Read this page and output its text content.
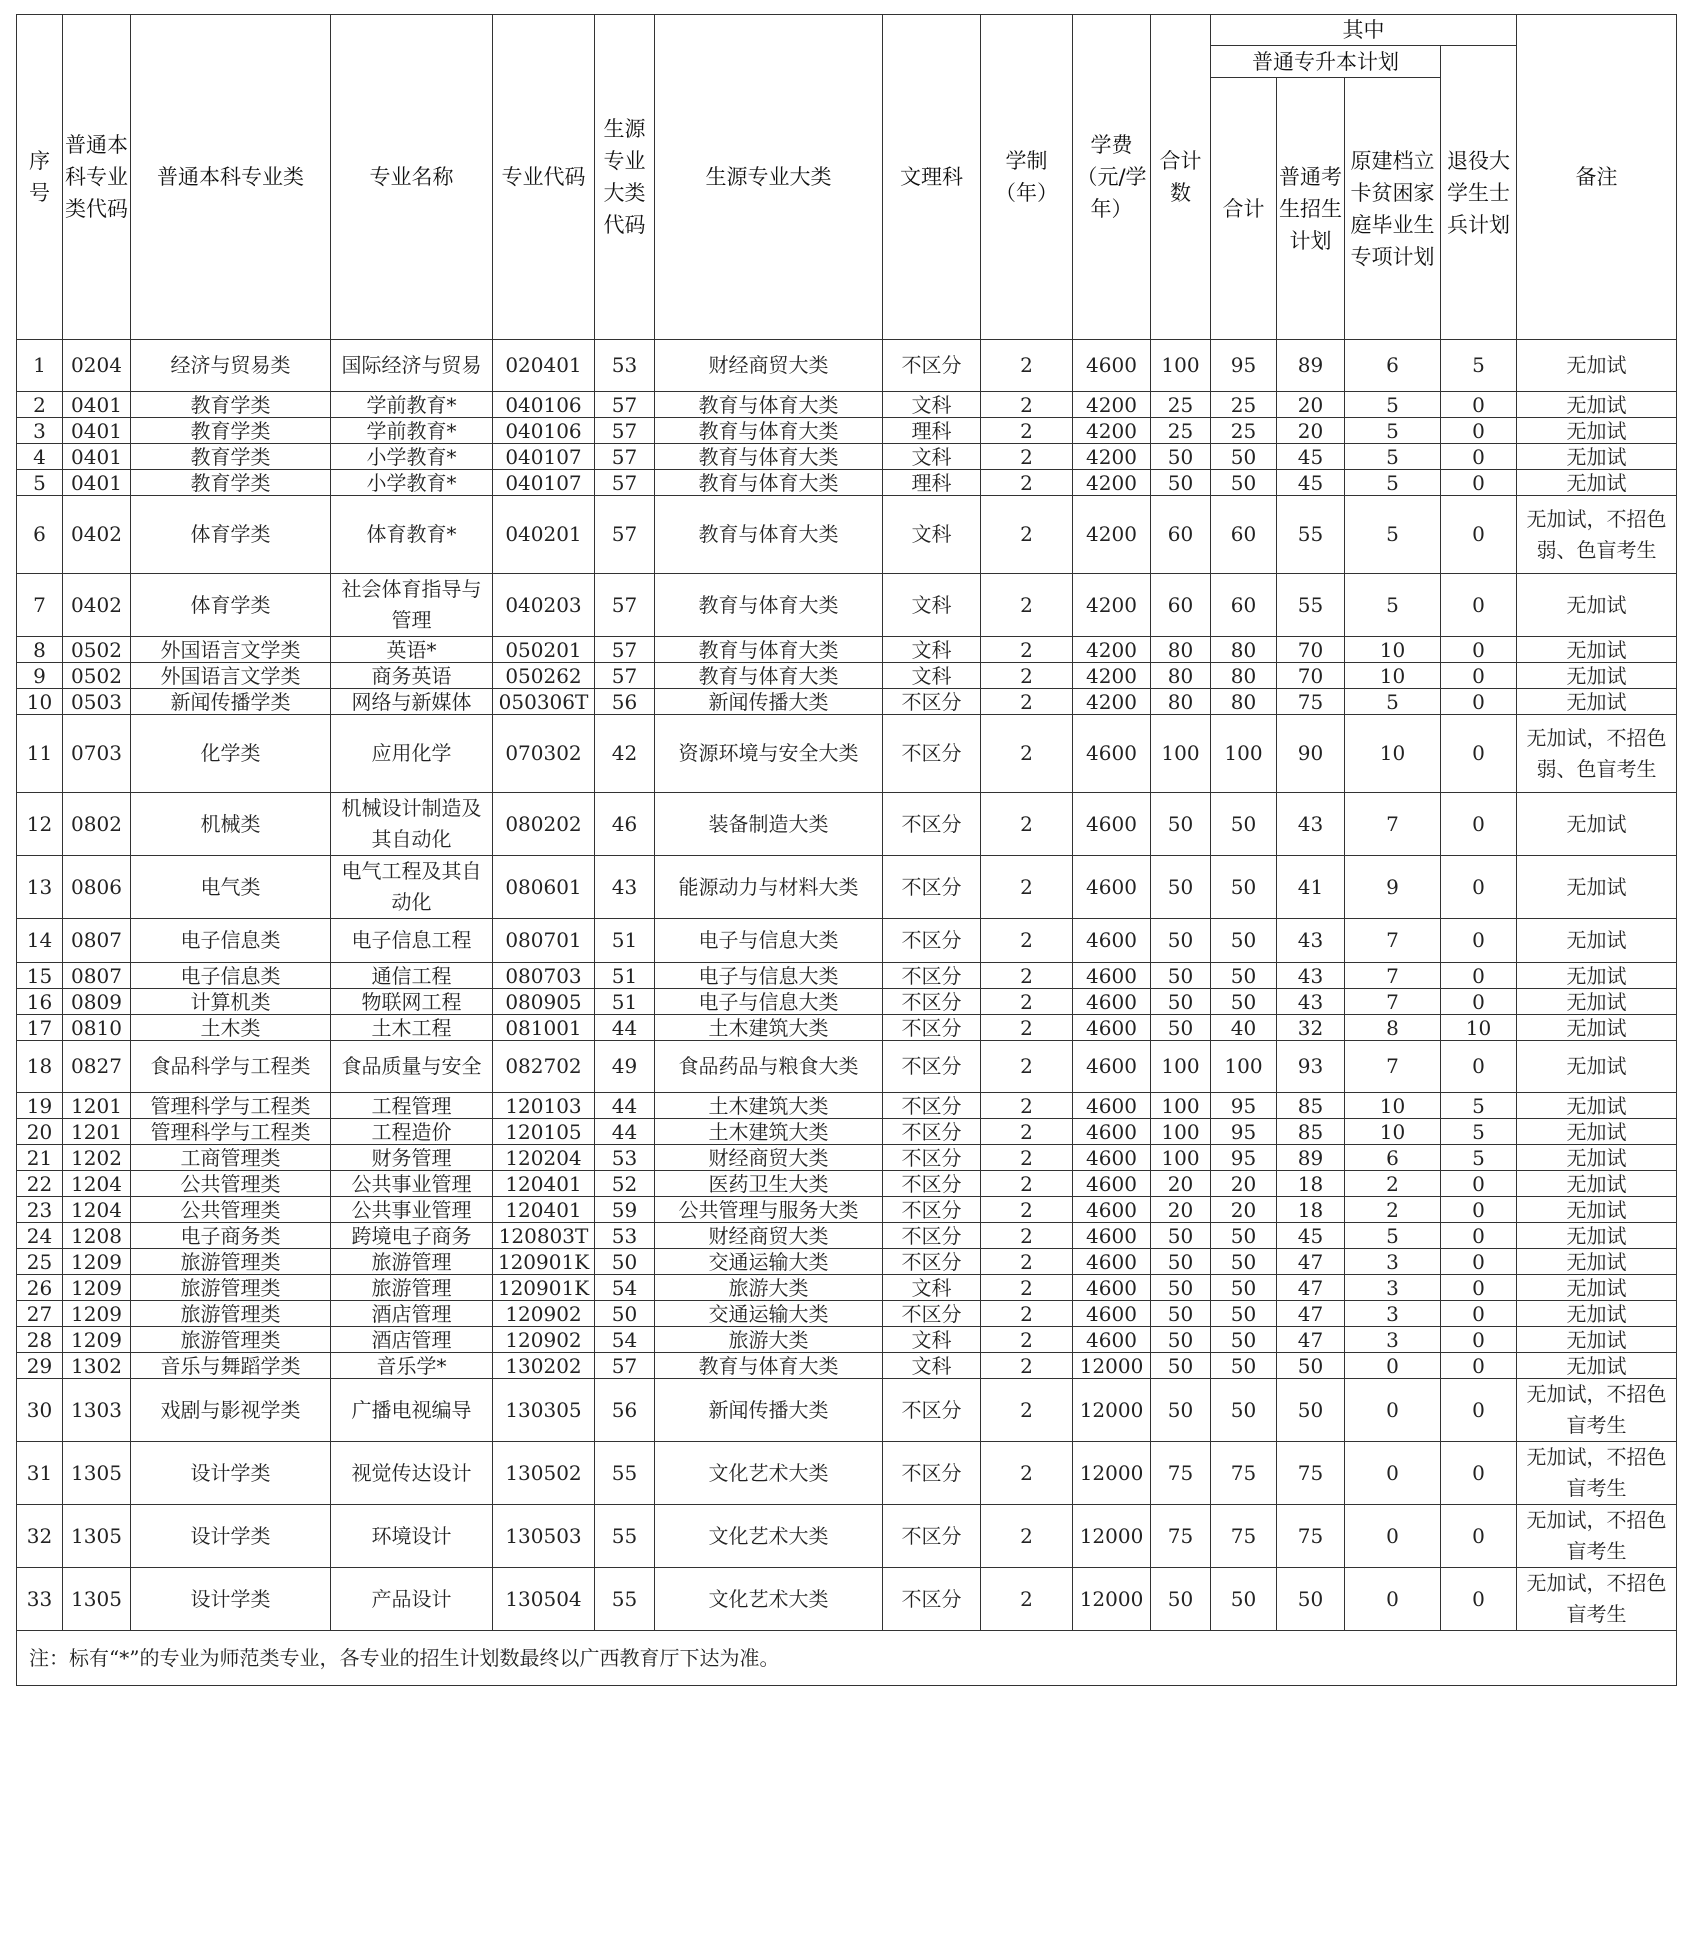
序号	普通本科专业类代码	普通本科专业类	专业名称	专业代码	生源专业大类代码	生源专业大类	文理科	学制（年）	学费（元/学年）	合计数	其中				备注
											普通专升本计划			退役大学生士兵计划	
											合计	普通考生招生计划	原建档立卡贫困家庭毕业生专项计划		
1	0204	经济与贸易类	国际经济与贸易	020401	53	财经商贸大类	不区分	2	4600	100	95	89	6	5	无加试
2	0401	教育学类	学前教育*	040106	57	教育与体育大类	文科	2	4200	25	25	20	5	0	无加试
3	0401	教育学类	学前教育*	040106	57	教育与体育大类	理科	2	4200	25	25	20	5	0	无加试
4	0401	教育学类	小学教育*	040107	57	教育与体育大类	文科	2	4200	50	50	45	5	0	无加试
5	0401	教育学类	小学教育*	040107	57	教育与体育大类	理科	2	4200	50	50	45	5	0	无加试
6	0402	体育学类	体育教育*	040201	57	教育与体育大类	文科	2	4200	60	60	55	5	0	无加试，不招色弱、色盲考生
7	0402	体育学类	社会体育指导与管理	040203	57	教育与体育大类	文科	2	4200	60	60	55	5	0	无加试
8	0502	外国语言文学类	英语*	050201	57	教育与体育大类	文科	2	4200	80	80	70	10	0	无加试
9	0502	外国语言文学类	商务英语	050262	57	教育与体育大类	文科	2	4200	80	80	70	10	0	无加试
10	0503	新闻传播学类	网络与新媒体	050306T	56	新闻传播大类	不区分	2	4200	80	80	75	5	0	无加试
11	0703	化学类	应用化学	070302	42	资源环境与安全大类	不区分	2	4600	100	100	90	10	0	无加试，不招色弱、色盲考生
12	0802	机械类	机械设计制造及其自动化	080202	46	装备制造大类	不区分	2	4600	50	50	43	7	0	无加试
13	0806	电气类	电气工程及其自动化	080601	43	能源动力与材料大类	不区分	2	4600	50	50	41	9	0	无加试
14	0807	电子信息类	电子信息工程	080701	51	电子与信息大类	不区分	2	4600	50	50	43	7	0	无加试
15	0807	电子信息类	通信工程	080703	51	电子与信息大类	不区分	2	4600	50	50	43	7	0	无加试
16	0809	计算机类	物联网工程	080905	51	电子与信息大类	不区分	2	4600	50	50	43	7	0	无加试
17	0810	土木类	土木工程	081001	44	土木建筑大类	不区分	2	4600	50	40	32	8	10	无加试
18	0827	食品科学与工程类	食品质量与安全	082702	49	食品药品与粮食大类	不区分	2	4600	100	100	93	7	0	无加试
19	1201	管理科学与工程类	工程管理	120103	44	土木建筑大类	不区分	2	4600	100	95	85	10	5	无加试
20	1201	管理科学与工程类	工程造价	120105	44	土木建筑大类	不区分	2	4600	100	95	85	10	5	无加试
21	1202	工商管理类	财务管理	120204	53	财经商贸大类	不区分	2	4600	100	95	89	6	5	无加试
22	1204	公共管理类	公共事业管理	120401	52	医药卫生大类	不区分	2	4600	20	20	18	2	0	无加试
23	1204	公共管理类	公共事业管理	120401	59	公共管理与服务大类	不区分	2	4600	20	20	18	2	0	无加试
24	1208	电子商务类	跨境电子商务	120803T	53	财经商贸大类	不区分	2	4600	50	50	45	5	0	无加试
25	1209	旅游管理类	旅游管理	120901K	50	交通运输大类	不区分	2	4600	50	50	47	3	0	无加试
26	1209	旅游管理类	旅游管理	120901K	54	旅游大类	文科	2	4600	50	50	47	3	0	无加试
27	1209	旅游管理类	酒店管理	120902	50	交通运输大类	不区分	2	4600	50	50	47	3	0	无加试
28	1209	旅游管理类	酒店管理	120902	54	旅游大类	文科	2	4600	50	50	47	3	0	无加试
29	1302	音乐与舞蹈学类	音乐学*	130202	57	教育与体育大类	文科	2	12000	50	50	50	0	0	无加试
30	1303	戏剧与影视学类	广播电视编导	130305	56	新闻传播大类	不区分	2	12000	50	50	50	0	0	无加试，不招色盲考生
31	1305	设计学类	视觉传达设计	130502	55	文化艺术大类	不区分	2	12000	75	75	75	0	0	无加试，不招色盲考生
32	1305	设计学类	环境设计	130503	55	文化艺术大类	不区分	2	12000	75	75	75	0	0	无加试，不招色盲考生
33	1305	设计学类	产品设计	130504	55	文化艺术大类	不区分	2	12000	50	50	50	0	0	无加试，不招色盲考生
注：标有“*”的专业为师范类专业，各专业的招生计划数最终以广西教育厅下达为准。															
